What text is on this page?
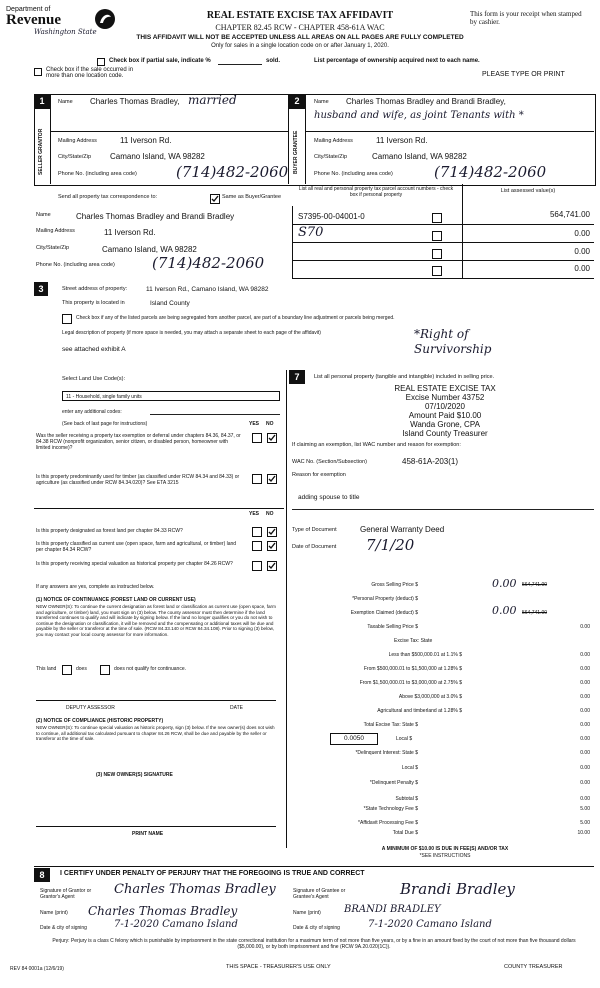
Department of
Revenue
Washington State
REAL ESTATE EXCISE TAX AFFIDAVIT
CHAPTER 82.45 RCW - CHAPTER 458-61A WAC
THIS AFFIDAVIT WILL NOT BE ACCEPTED UNLESS ALL AREAS ON ALL PAGES ARE FULLY COMPLETED
Only for sales in a single location code on or after January 1, 2020.
This form is your receipt when stamped by cashier.
PLEASE TYPE OR PRINT
Check box if the sale occurred in more than one location code.
Check box if partial sale, indicate %	sold.	List percentage of ownership acquired next to each name.
1
SELLER GRANTOR
Name Charles Thomas Bradley, married
Mailing Address	11 Iverson Rd.
City/State/Zip Camano Island, WA 98282
Phone No. (including area code)	(714)482-2060
2
BUYER GRANTEE
Name Charles Thomas Bradley and Brandi Bradley,
husband and wife, as joint Tenants with *
Mailing Address	11 Iverson Rd.
City/State/Zip	Camano Island, WA 98282
Phone No. (including area code)	(714)482-2060
Send all property tax correspondence to:	Same as Buyer/Grantee
List all real and personal property tax parcel account numbers - check box if personal property
List assessed value(s)
Name	Charles Thomas Bradley and Brandi Bradley
Mailing Address	11 Iverson Rd.
City/State/Zip	Camano Island, WA 98282
Phone No. (including area code) (714)482-2060
S7395-00-04001-0	564,741.00
S70	0.00
0.00
0.00
3	Street address of property:	11 Iverson Rd., Camano Island, WA 98282
This property is located in	Island County
Check box if any of the listed parcels are being segregated from another parcel, are part of a boundary line adjustment or parcels being merged.
Legal description of property (if more space is needed, you may attach a separate sheet to each page of the affidavit)	*Right of Survivorship
see attached exhibit A
Select Land Use Code(s):
11 - Household, single family units
enter any additional codes:
(See back of last page for instructions)	YES NO
Was the seller receiving a property tax exemption or deferral under chapters 84.36, 84.37, or 84.38 RCW (nonprofit organization, senior citizen, or disabled person, homeowner with limited income)?
Is this property predominantly used for timber (as classified under RCW 84.34 and 84.33) or agriculture (as classified under RCW 84.34.020)? See ETA 3215
YES NO
Is this property designated as forest land per chapter 84.33 RCW?
Is this property classified as current use (open space, farm and agricultural, or timber) land per chapter 84.34 RCW?
Is this property receiving special valuation as historical property per chapter 84.26 RCW?
If any answers are yes, complete as instructed below.
(1) NOTICE OF CONTINUANCE (FOREST LAND OR CURRENT USE)
NEW OWNER(S): To continue the current designation as forest land or classification as current use (open space, farm and agriculture, or timber) land, you must sign on (3) below. The county assessor must then determine if the land transferred continues to qualify and will indicate by signing below. If the land no longer qualifies or you do not wish to continue the designation or classification, it will be removed and the compensating or additional taxes will be due and payable by the seller or transferor at the time of sale. (RCW 84.33.140 or RCW 84.34.108). Prior to signing (3) below, you may contact your local county assessor for more information.
This land	does	does not qualify for continuance.
DEPUTY ASSESSOR	DATE
(2) NOTICE OF COMPLIANCE (HISTORIC PROPERTY)
NEW OWNER(S): To continue special valuation as historic property, sign (3) below. If the new owner(s) does not wish to continue, all additional tax calculated pursuant to chapter 84.26 RCW, shall be due and payable by the seller or transferor at the time of sale.
(3) NEW OWNER(S) SIGNATURE
PRINT NAME
7	List all personal property (tangible and intangible) included in selling price.
REAL ESTATE EXCISE TAX
Excise Number 43752
07/10/2020
Amount Paid $10.00
Wanda Grone, CPA
Island County Treasurer
If claiming an exemption, list WAC number and reason for exemption:
WAC No. (Section/Subsection)	458-61A-203(1)
Reason for exemption
adding spouse to title
Type of Document	General Warranty Deed
Date of Document 7/1/20
Gross Selling Price $	0.00 564,741.00
*Personal Property (deduct) $
Exemption Claimed (deduct) $	0.00 564,741.00
Taxable Selling Price $	0.00
Excise Tax: State
Less than $500,000.01 at 1.1% $	0.00
From $500,000.01 to $1,500,000 at 1.28% $	0.00
From $1,500,000.01 to $3,000,000 at 2.75% $	0.00
Above $3,000,000 at 3.0% $	0.00
Agricultural and timberland at 1.28% $	0.00
Total Excise Tax: State $	0.00
0.0050	Local $	0.00
*Delinquent Interest: State $	0.00
Local $	0.00
*Delinquent Penalty $	0.00
Subtotal $	0.00
*State Technology Fee $	5.00
*Affidavit Processing Fee $	5.00
Total Due $	10.00
A MINIMUM OF $10.00 IS DUE IN FEE(S) AND/OR TAX
*SEE INSTRUCTIONS
8	I CERTIFY UNDER PENALTY OF PERJURY THAT THE FOREGOING IS TRUE AND CORRECT
Signature of Grantor or Grantor's Agent	Charles Thomas Bradley
Name (print) Charles Thomas Bradley
Date & city of signing	7-1-2020 Camano Island
Signature of Grantee or Grantee's Agent	Brandi Bradley
Name (print) BRANDI BRADLEY
Date & city of signing	7-1-2020 Camano Island
Perjury: Perjury is a class C felony which is punishable by imprisonment in the state correctional institution for a maximum term of not more than five years, or by a fine in an amount fixed by the court of not more than five thousand dollars ($5,000.00), or by both imprisonment and fine (RCW 9A.20.020(1C)).
REV 84 0001a (12/6/19)	THIS SPACE - TREASURER'S USE ONLY	COUNTY TREASURER
